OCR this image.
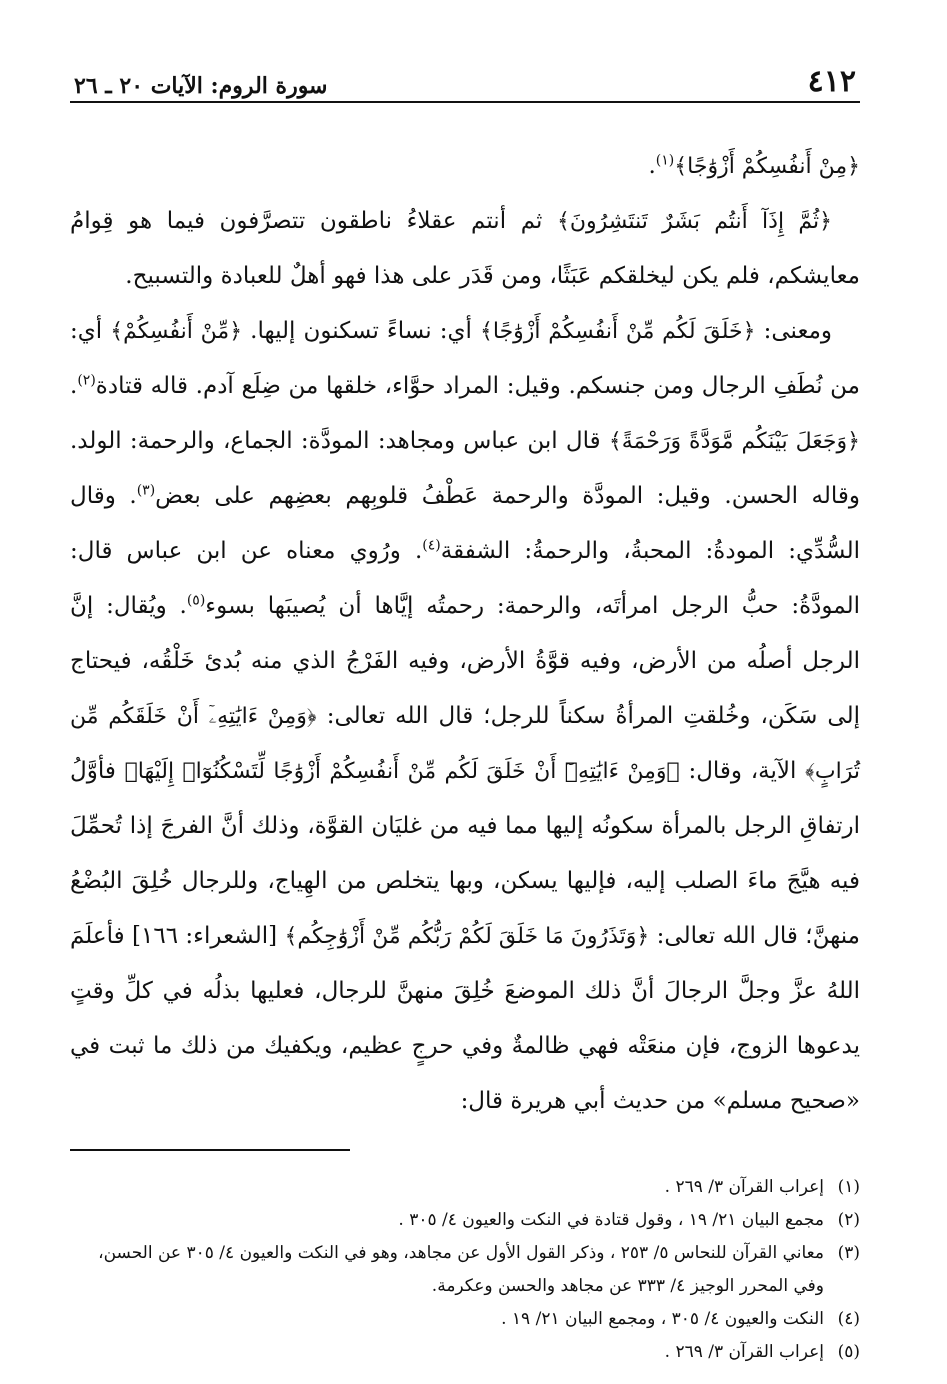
٤١٢
سورة الروم: الآيات ٢٠ ـ ٢٦

﴿مِنْ أَنفُسِكُمْ أَزْوَٰجًا﴾$^{(١)}$.

﴿ثُمَّ إِذَآ أَنتُم بَشَرٌ تَنتَشِرُونَ﴾ ثم أنتم عقلاءُ ناطقون تتصرَّفون فيما هو قِوامُ معايشكم، فلم يكن ليخلقكم عَبَثًا، ومن قَدَر على هذا فهو أهلٌ للعبادة والتسبيح.

ومعنى: ﴿خَلَقَ لَكُم مِّنْ أَنفُسِكُمْ أَزْوَٰجًا﴾ أي: نساءً تسكنون إليها. ﴿مِّنْ أَنفُسِكُمْ﴾ أي: من نُطَفِ الرجال ومن جنسكم. وقيل: المراد حوَّاء، خلقها من ضِلَع آدم. قاله قتادة$^{(٢)}$. ﴿وَجَعَلَ بَيْنَكُم مَّوَدَّةً وَرَحْمَةً﴾ قال ابن عباس ومجاهد: المودَّة: الجماع، والرحمة: الولد. وقاله الحسن. وقيل: المودَّة والرحمة عَطْفُ قلوبِهم بعضِهم على بعض$^{(٣)}$. وقال السُّدِّي: المودةُ: المحبةُ، والرحمةُ: الشفقة$^{(٤)}$. ورُوي معناه عن ابن عباس قال: المودَّةُ: حبُّ الرجل امرأتَه، والرحمة: رحمتُه إيَّاها أن يُصيبَها بسوء$^{(٥)}$. ويُقال: إنَّ الرجل أصلُه من الأرض، وفيه قوَّةُ الأرض، وفيه الفَرْجُ الذي منه بُدئ خَلْقُه، فيحتاج إلى سَكَن، وخُلقتِ المرأةُ سكناً للرجل؛ قال الله تعالى: ﴿وَمِنْ ءَايَٰتِهِۦٓ أَنْ خَلَقَكُم مِّن تُرَابٍ﴾ الآية، وقال: ﴿وَمِنْ ءَايَٰتِهِۦٓ أَنْ خَلَقَ لَكُم مِّنْ أَنفُسِكُمْ أَزْوَٰجًا لِّتَسْكُنُوٓا۟ إِلَيْهَا﴾ فأوَّلُ ارتفاقِ الرجل بالمرأة سكونُه إليها مما فيه من غليَان القوَّة، وذلك أنَّ الفرجَ إذا تُحمِّلَ فيه هيَّجَ ماءَ الصلب إليه، فإليها يسكن، وبها يتخلص من الهِياج، وللرجال خُلِقَ البُضْعُ منهنَّ؛ قال الله تعالى: ﴿وَتَذَرُونَ مَا خَلَقَ لَكُمْ رَبُّكُم مِّنْ أَزْوَٰجِكُم﴾ [الشعراء: ١٦٦] فأعلَمَ اللهُ عزَّ وجلَّ الرجالَ أنَّ ذلك الموضعَ خُلِقَ منهنَّ للرجال، فعليها بذلُه في كلِّ وقتٍ يدعوها الزوج، فإن منعَتْه فهي ظالمةٌ وفي حرجٍ عظيم، ويكفيك من ذلك ما ثبت في «صحيح مسلم» من حديث أبي هريرة قال:

(١)
إعراب القرآن ٣/ ٢٦٩ .
(٢)
مجمع البيان ٢١/ ١٩ ، وقول قتادة في النكت والعيون ٤/ ٣٠٥ .
(٣)
معاني القرآن للنحاس ٥/ ٢٥٣ ، وذكر القول الأول عن مجاهد، وهو في النكت والعيون ٤/ ٣٠٥ عن الحسن، وفي المحرر الوجيز ٤/ ٣٣٣ عن مجاهد والحسن وعكرمة.
(٤)
النكت والعيون ٤/ ٣٠٥ ، ومجمع البيان ٢١/ ١٩ .
(٥)
إعراب القرآن ٣/ ٢٦٩ .
